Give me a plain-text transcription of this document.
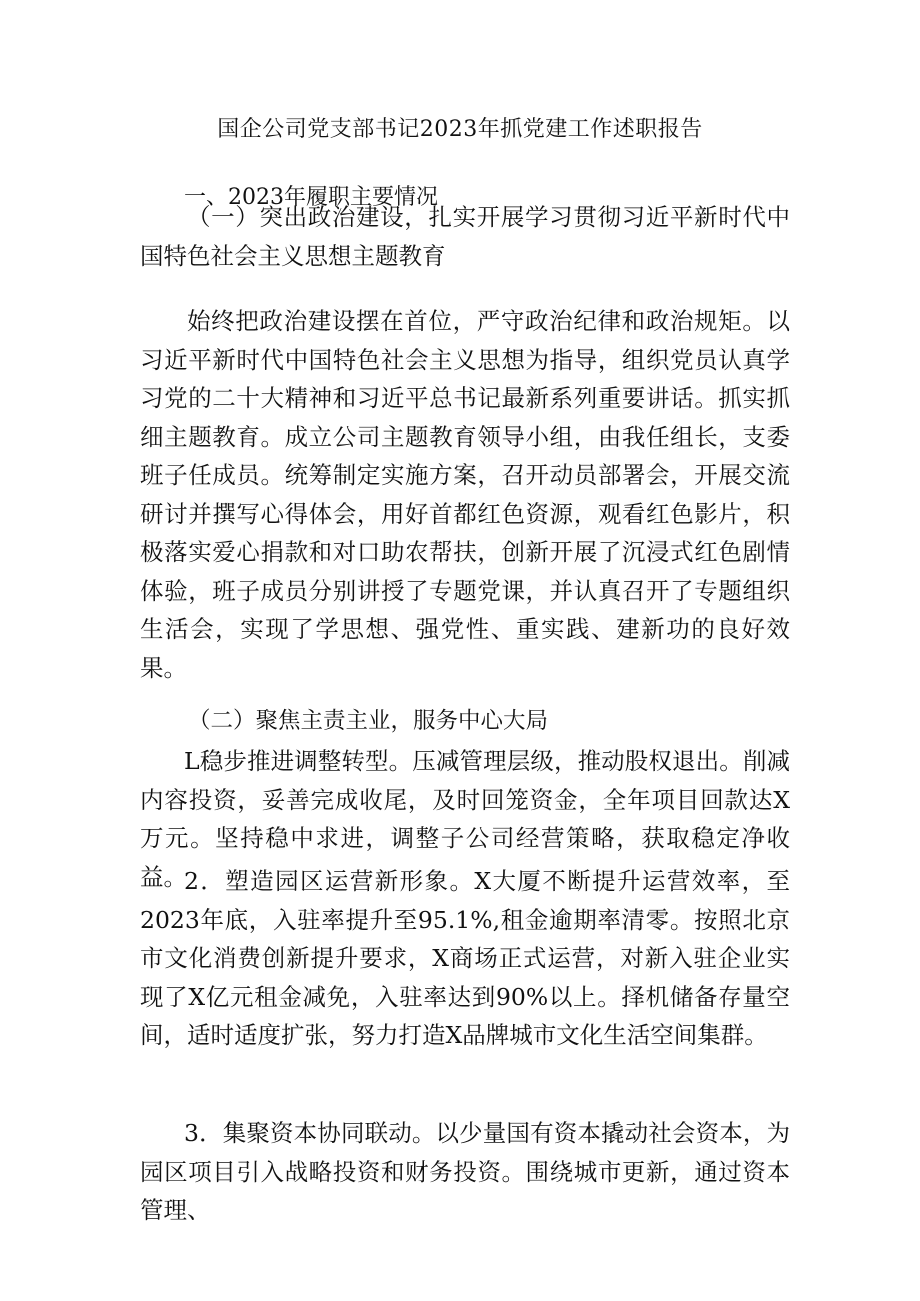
国企公司党支部书记2023年抓党建工作述职报告
一、2023年履职主要情况
（一）突出政治建设，扎实开展学习贯彻习近平新时代中国特色社会主义思想主题教育
始终把政治建设摆在首位，严守政治纪律和政治规矩。以习近平新时代中国特色社会主义思想为指导，组织党员认真学习党的二十大精神和习近平总书记最新系列重要讲话。抓实抓细主题教育。成立公司主题教育领导小组，由我任组长，支委班子任成员。统筹制定实施方案，召开动员部署会，开展交流研讨并撰写心得体会，用好首都红色资源，观看红色影片，积极落实爱心捐款和对口助农帮扶，创新开展了沉浸式红色剧情体验，班子成员分别讲授了专题党课，并认真召开了专题组织生活会，实现了学思想、强党性、重实践、建新功的良好效果。
（二）聚焦主责主业，服务中心大局
L稳步推进调整转型。压减管理层级，推动股权退出。削减内容投资，妥善完成收尾，及时回笼资金，全年项目回款达X万元。坚持稳中求进，调整子公司经营策略，获取稳定净收益。
2．塑造园区运营新形象。X大厦不断提升运营效率，至2023年底，入驻率提升至95.1%,租金逾期率清零。按照北京市文化消费创新提升要求，X商场正式运营，对新入驻企业实现了X亿元租金减免，入驻率达到90%以上。择机储备存量空间，适时适度扩张，努力打造X品牌城市文化生活空间集群。
3．集聚资本协同联动。以少量国有资本撬动社会资本，为园区项目引入战略投资和财务投资。围绕城市更新，通过资本管理、
